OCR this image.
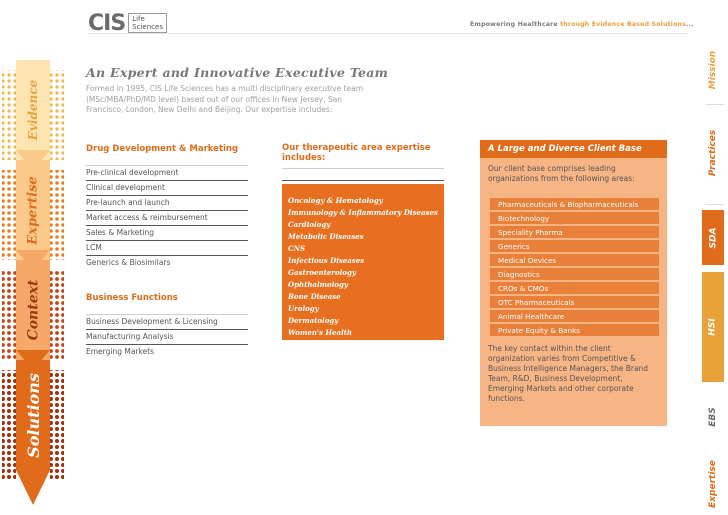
Evidence
Expertise
Context
Solutions
CIS Life
Sciences	Empowering Healthcare through Evidence Based Solutions...
Mission
Practices
SDA
HSI
EBS
Expertise
An Expert and Innovative Executive Team
Formed in 1995, CIS Life Sciences has a multi disciplinary executive team (MSc/MBA/PhD/MD level) based out of our offices in New Jersey, San Francisco, London, New Delhi and Beijing. Our expertise includes:
Drug Development & Marketing
Pre-clinical development
Clinical development
Pre-launch and launch
Market access & reimbursement
Sales & Marketing
LCM
Generics & Biosimilars
Business Functions
Business Development & Licensing
Manufacturing Analysis
Emerging Markets
Our therapeutic area expertise includes:
Oncology & Hematology
Immunology & Inflammatory Diseases
Cardiology
Metabolic Diseases
CNS
Infectious Diseases
Gastroenterology
Ophthalmology
Bone Disease
Urology
Dermatology
Women's Health
A Large and Diverse Client Base
Our client base comprises leading organizations from the following areas:
Pharmaceuticals & Biopharmaceuticals
Biotechnology
Speciality Pharma
Generics
Medical Devices
Diagnostics
CROs & CMOs
OTC Pharmaceuticals
Animal Healthcare
Private Equity & Banks
The key contact within the client organization varies from Competitive & Business Intelligence Managers, the Brand Team, R&D, Business Development, Emerging Markets and other corporate functions.
